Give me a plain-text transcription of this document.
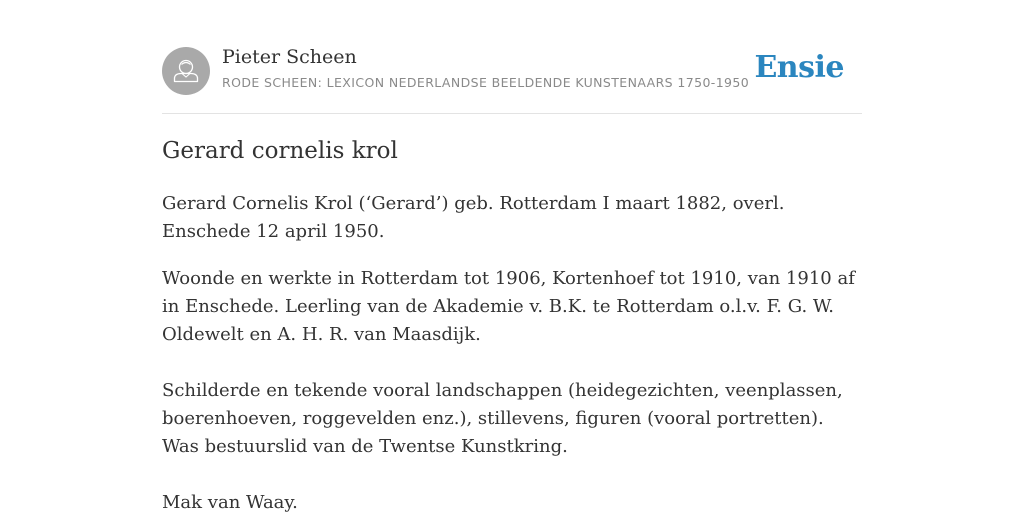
Pieter Scheen
RODE SCHEEN: LEXICON NEDERLANDSE BEELDENDE KUNSTENAARS 1750-1950 Ensie
Gerard cornelis krol

Gerard Cornelis Krol (‘Gerard’) geb. Rotterdam I maart 1882, overl. Enschede 12 april 1950.

Woonde en werkte in Rotterdam tot 1906, Kortenhoef tot 1910, van 1910 af in Enschede. Leerling van de Akademie v. B.K. te Rotterdam o.l.v. F. G. W. Oldewelt en A. H. R. van Maasdijk.

Schilderde en tekende vooral landschappen (heidegezichten, veenplassen, boerenhoeven, roggevelden enz.), stillevens, figuren (vooral portretten). Was bestuurslid van de Twentse Kunstkring.

Mak van Waay.
